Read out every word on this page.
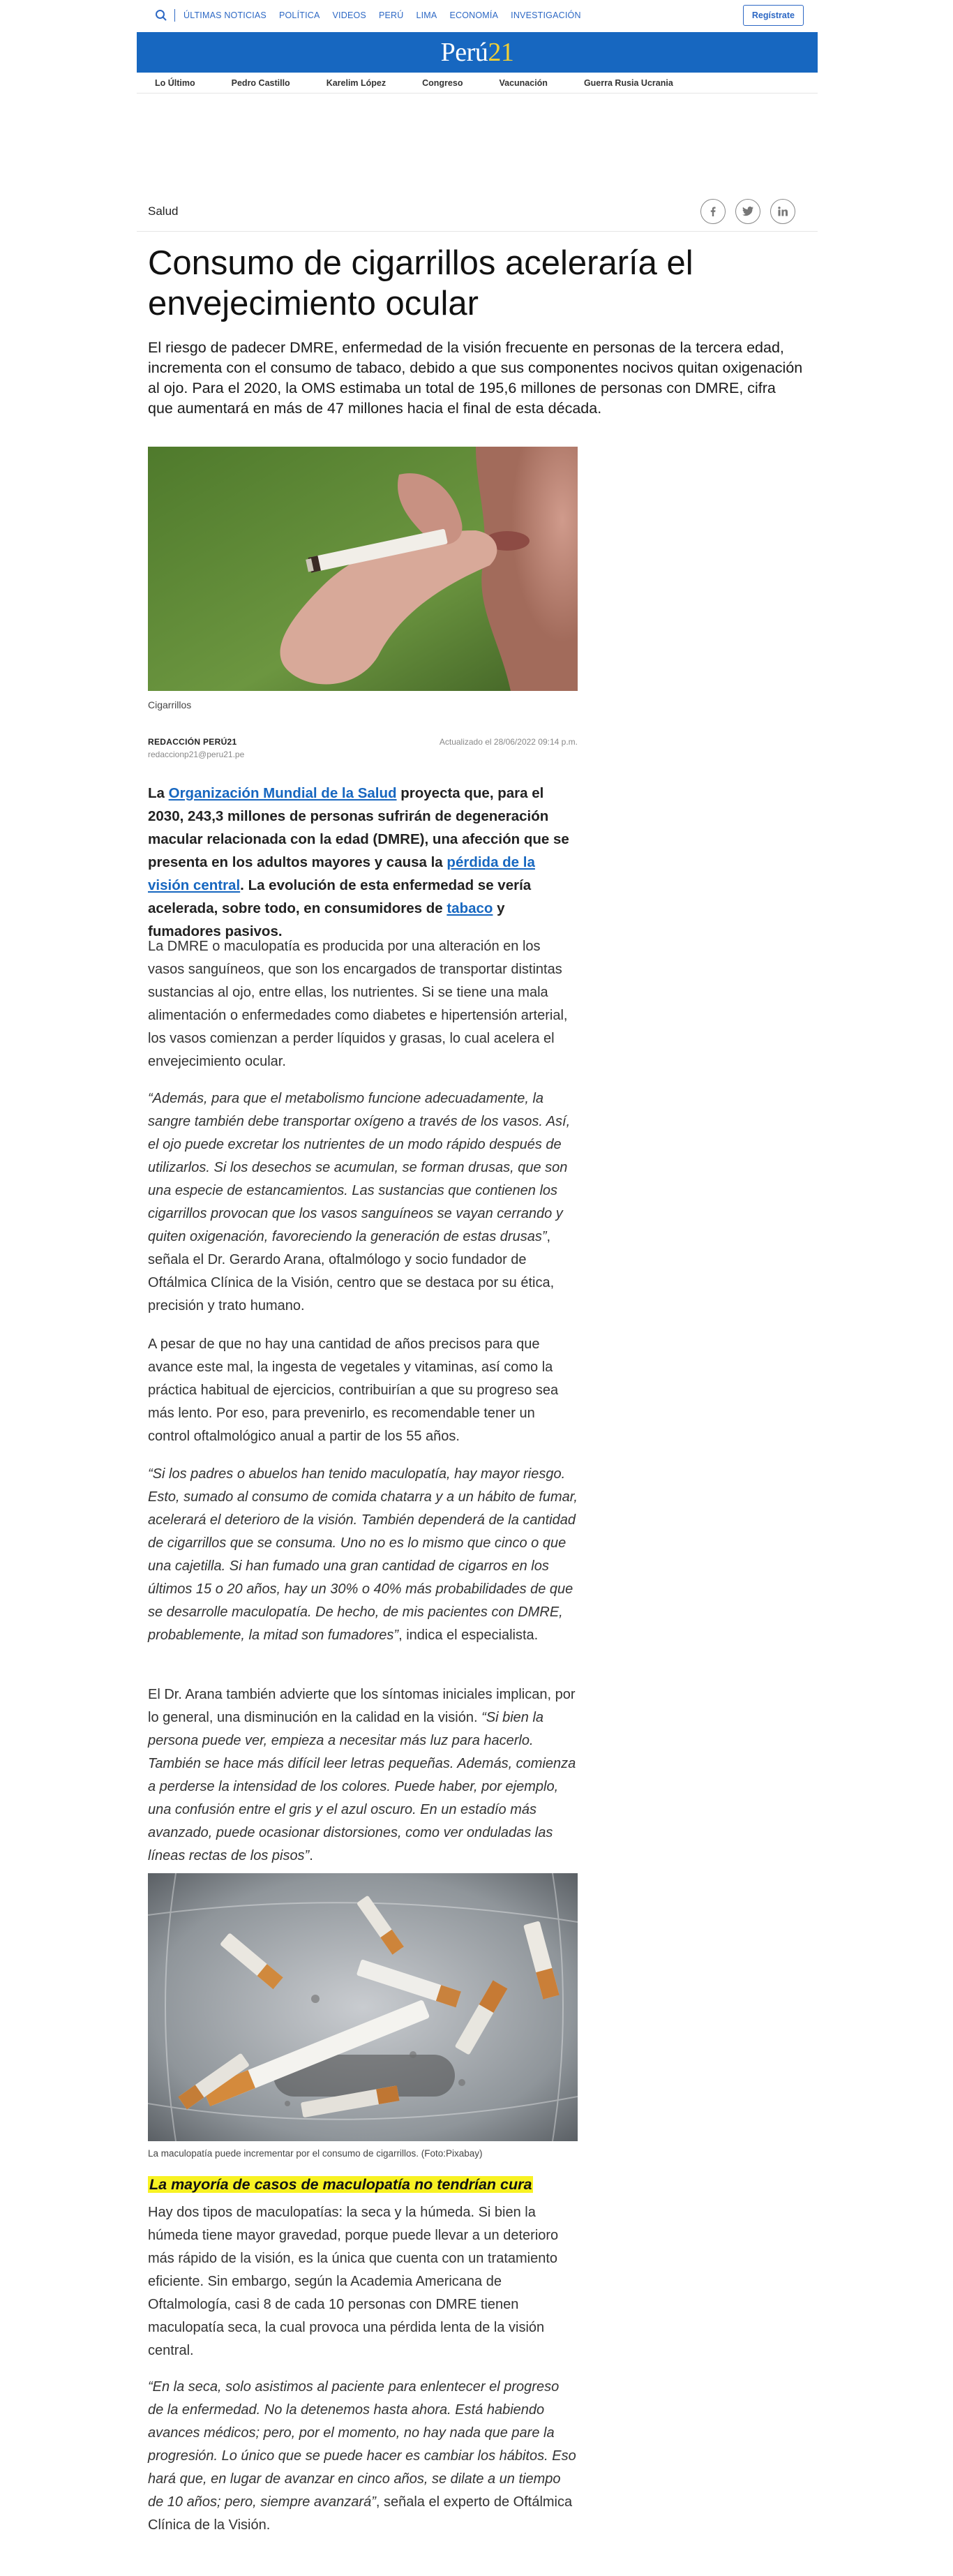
ÚLTIMAS NOTICIAS POLÍTICA VIDEOS PERÚ LIMA ECONOMÍA INVESTIGACIÓN	Regístrate
Perú21
Lo Último	Pedro Castillo	Karelim López	Congreso	Vacunación	Guerra Rusia Ucrania
Salud
Consumo de cigarrillos aceleraría el envejecimiento ocular

El riesgo de padecer DMRE, enfermedad de la visión frecuente en personas de la tercera edad, incrementa con el consumo de tabaco, debido a que sus componentes nocivos quitan oxigenación al ojo. Para el 2020, la OMS estimaba un total de 195,6 millones de personas con DMRE, cifra que aumentará en más de 47 millones hacia el final de esta década.

Cigarrillos
REDACCIÓN PERÚ21
redaccionp21@peru21.pe
Actualizado el 28/06/2022 09:14 p.m.

La Organización Mundial de la Salud proyecta que, para el 2030, 243,3 millones de personas sufrirán de degeneración macular relacionada con la edad (DMRE), una afección que se presenta en los adultos mayores y causa la pérdida de la visión central. La evolución de esta enfermedad se vería acelerada, sobre todo, en consumidores de tabaco y fumadores pasivos.

La DMRE o maculopatía es producida por una alteración en los vasos sanguíneos, que son los encargados de transportar distintas sustancias al ojo, entre ellas, los nutrientes. Si se tiene una mala alimentación o enfermedades como diabetes e hipertensión arterial, los vasos comienzan a perder líquidos y grasas, lo cual acelera el envejecimiento ocular.

“Además, para que el metabolismo funcione adecuadamente, la sangre también debe transportar oxígeno a través de los vasos. Así, el ojo puede excretar los nutrientes de un modo rápido después de utilizarlos. Si los desechos se acumulan, se forman drusas, que son una especie de estancamientos. Las sustancias que contienen los cigarrillos provocan que los vasos sanguíneos se vayan cerrando y quiten oxigenación, favoreciendo la generación de estas drusas”, señala el Dr. Gerardo Arana, oftalmólogo y socio fundador de Oftálmica Clínica de la Visión, centro que se destaca por su ética, precisión y trato humano.

A pesar de que no hay una cantidad de años precisos para que avance este mal, la ingesta de vegetales y vitaminas, así como la práctica habitual de ejercicios, contribuirían a que su progreso sea más lento. Por eso, para prevenirlo, es recomendable tener un control oftalmológico anual a partir de los 55 años.

“Si los padres o abuelos han tenido maculopatía, hay mayor riesgo. Esto, sumado al consumo de comida chatarra y a un hábito de fumar, acelerará el deterioro de la visión. También dependerá de la cantidad de cigarrillos que se consuma. Uno no es lo mismo que cinco o que una cajetilla. Si han fumado una gran cantidad de cigarros en los últimos 15 o 20 años, hay un 30% o 40% más probabilidades de que se desarrolle maculopatía. De hecho, de mis pacientes con DMRE, probablemente, la mitad son fumadores”, indica el especialista.

El Dr. Arana también advierte que los síntomas iniciales implican, por lo general, una disminución en la calidad en la visión. “Si bien la persona puede ver, empieza a necesitar más luz para hacerlo. También se hace más difícil leer letras pequeñas. Además, comienza a perderse la intensidad de los colores. Puede haber, por ejemplo, una confusión entre el gris y el azul oscuro. En un estadío más avanzado, puede ocasionar distorsiones, como ver onduladas las líneas rectas de los pisos”.

La maculopatía puede incrementar por el consumo de cigarrillos. (Foto:Pixabay)
La mayoría de casos de maculopatía no tendrían cura

Hay dos tipos de maculopatías: la seca y la húmeda. Si bien la húmeda tiene mayor gravedad, porque puede llevar a un deterioro más rápido de la visión, es la única que cuenta con un tratamiento eficiente. Sin embargo, según la Academia Americana de Oftalmología, casi 8 de cada 10 personas con DMRE tienen maculopatía seca, la cual provoca una pérdida lenta de la visión central.

“En la seca, solo asistimos al paciente para enlentecer el progreso de la enfermedad. No la detenemos hasta ahora. Está habiendo avances médicos; pero, por el momento, no hay nada que pare la progresión. Lo único que se puede hacer es cambiar los hábitos. Eso hará que, en lugar de avanzar en cinco años, se dilate a un tiempo de 10 años; pero, siempre avanzará”, señala el experto de Oftálmica Clínica de la Visión.
